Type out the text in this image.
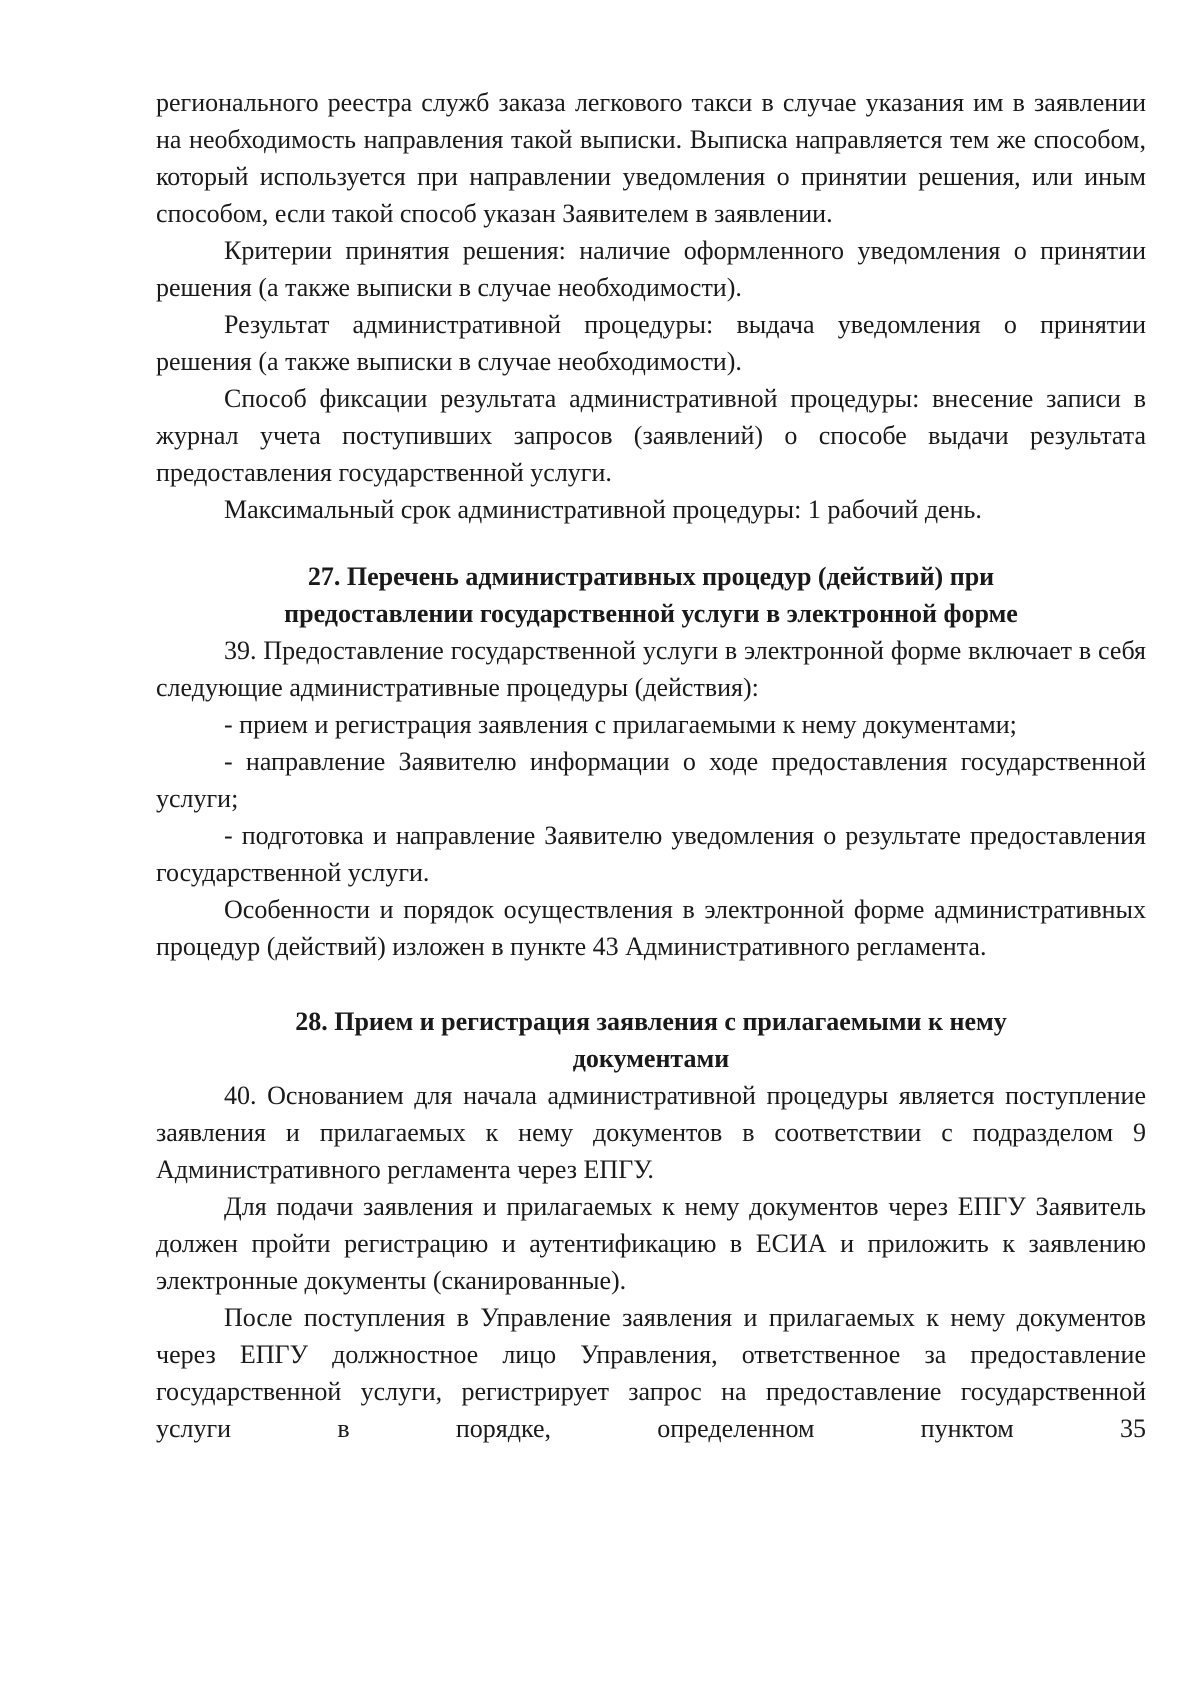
регионального реестра служб заказа легкового такси в случае указания им в заявлении на необходимость направления такой выписки. Выписка направляется тем же способом, который используется при направлении уведомления о принятии решения, или иным способом, если такой способ указан Заявителем в заявлении.

Критерии принятия решения: наличие оформленного уведомления о принятии решения (а также выписки в случае необходимости).

Результат административной процедуры: выдача уведомления о принятии решения (а также выписки в случае необходимости).

Способ фиксации результата административной процедуры: внесение записи в журнал учета поступивших запросов (заявлений) о способе выдачи результата предоставления государственной услуги.

Максимальный срок административной процедуры: 1 рабочий день.

27. Перечень административных процедур (действий) при

предоставлении государственной услуги в электронной форме

39. Предоставление государственной услуги в электронной форме включает в себя следующие административные процедуры (действия):

- прием и регистрация заявления с прилагаемыми к нему документами;

- направление Заявителю информации о ходе предоставления государственной услуги;

- подготовка и направление Заявителю уведомления о результате предоставления государственной услуги.

Особенности и порядок осуществления в электронной форме административных процедур (действий) изложен в пункте 43 Административного регламента.

28. Прием и регистрация заявления с прилагаемыми к нему

документами

40. Основанием для начала административной процедуры является поступление заявления и прилагаемых к нему документов в соответствии с подразделом 9 Административного регламента через ЕПГУ.

Для подачи заявления и прилагаемых к нему документов через ЕПГУ Заявитель должен пройти регистрацию и аутентификацию в ЕСИА и приложить к заявлению электронные документы (сканированные).

После поступления в Управление заявления и прилагаемых к нему документов через ЕПГУ должностное лицо Управления, ответственное за предоставление государственной услуги, регистрирует запрос на предоставление государственной услуги в порядке, определенном пунктом 35
